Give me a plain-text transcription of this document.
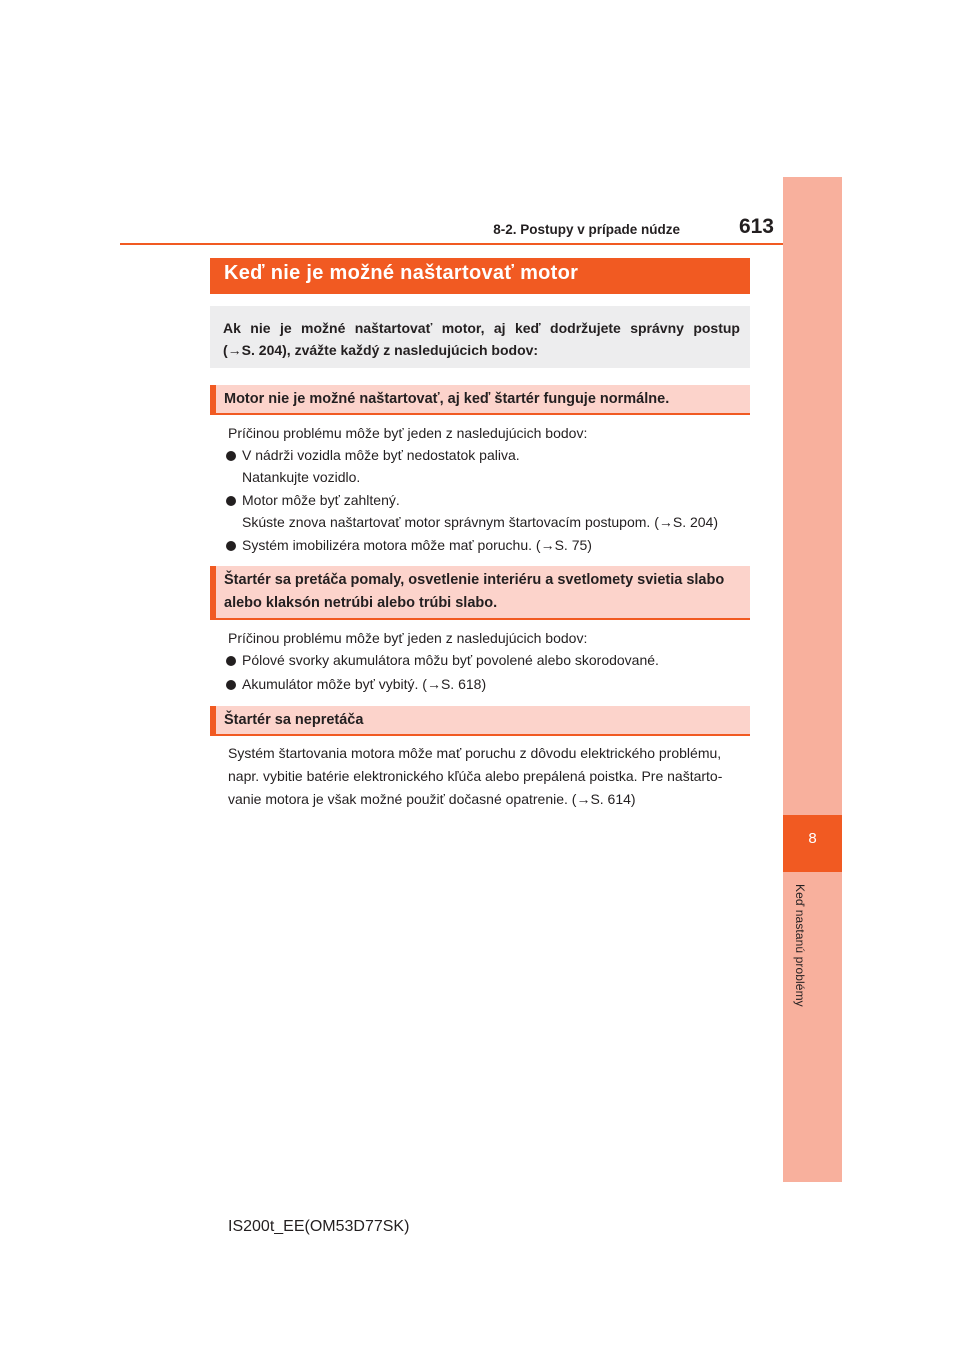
8-2. Postupy v prípade núdze	613
8
Keď nastanú problémy
Keď nie je možné naštartovať motor
Ak nie je možné naštartovať motor, aj keď dodržujete správny postup
(→S. 204), zvážte každý z nasledujúcich bodov:
Motor nie je možné naštartovať, aj keď štartér funguje normálne.
Príčinou problému môže byť jeden z nasledujúcich bodov:
V nádrži vozidla môže byť nedostatok paliva.
Natankujte vozidlo.
Motor môže byť zahltený.
Skúste znova naštartovať motor správnym štartovacím postupom. (→S. 204)
Systém imobilizéra motora môže mať poruchu. (→S. 75)
Štartér sa pretáča pomaly, osvetlenie interiéru a svetlomety svietia slabo
alebo klaksón netrúbi alebo trúbi slabo.
Príčinou problému môže byť jeden z nasledujúcich bodov:
Pólové svorky akumulátora môžu byť povolené alebo skorodované.
Akumulátor môže byť vybitý. (→S. 618)
Štartér sa nepretáča
Systém štartovania motora môže mať poruchu z dôvodu elektrického problému,
napr. vybitie batérie elektronického kľúča alebo prepálená poistka. Pre naštarto-
vanie motora je však možné použiť dočasné opatrenie. (→S. 614)
IS200t_EE(OM53D77SK)
